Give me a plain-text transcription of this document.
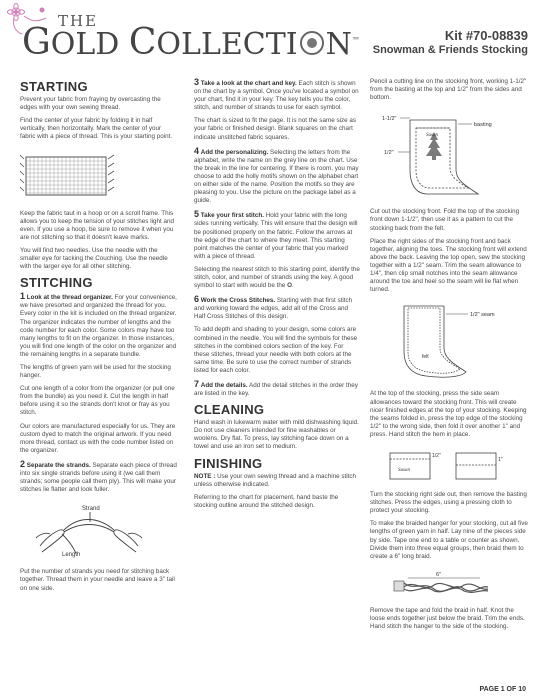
THE
GOLD COLLECTI N™	Kit #70-08839
Snowman & Friends Stocking
STARTING

Prevent your fabric from fraying by overcasting the edges with your own sewing thread.

Find the center of your fabric by folding it in half vertically, then horizontally. Mark the center of your fabric with a piece of thread. This is your starting point.

Keep the fabric taut in a hoop or on a scroll frame. This allows you to keep the tension of your stitches light and even. If you use a hoop, be sure to remove it when you are not stitching so that it doesn't leave marks.

You will find two needles. Use the needle with the smaller eye for tacking the Couching. Use the needle with the larger eye for all other stitching.

STITCHING

1 Look at the thread organizer. For your convenience, we have presorted and organized the thread for you. Every color in the kit is included on the thread organizer. The organizer indicates the number of lengths and the code number for each color. Some colors may have too many lengths to fit on the organizer. In those instances, you will find one length of the color on the organizer and the remaining lengths in a separate bundle.

The lengths of green yarn will be used for the stocking hanger.

Cut one length of a color from the organizer (or pull one from the bundle) as you need it. Cut the length in half before using it so the strands don't knot or fray as you stitch.

Our colors are manufactured especially for us. They are custom dyed to match the original artwork. If you need more thread, contact us with the code number listed on the organizer.

2 Separate the strands. Separate each piece of thread into six single strands before using it (we call them strands; some people call them ply). This will make your stitches lie flatter and look fuller.

Strand
Length

Put the number of strands you need for stitching back together. Thread them in your needle and leave a 3" tail on one side.

3 Take a look at the chart and key. Each stitch is shown on the chart by a symbol. Once you've located a symbol on your chart, find it in your key. The key tells you the color, stitch, and number of strands to use for each symbol.

The chart is sized to fit the page. It is not the same size as your fabric or finished design. Blank squares on the chart indicate unstitched fabric squares.

4 Add the personalizing. Selecting the letters from the alphabet, write the name on the grey line on the chart. Use the break in the line for centering. If there is room, you may choose to add the holly motifs shown on the alphabet chart on either side of the name. Position the motifs so they are pleasing to you. Use the picture on the package label as a guide.

5 Take your first stitch. Hold your fabric with the long sides running vertically. This will ensure that the design will be positioned properly on the fabric. Follow the arrows at the edge of the chart to where they meet. This starting point matches the center of your fabric that you marked with a piece of thread.

Selecting the nearest stitch to this starting point, identify the stitch, color, and number of strands using the key. A good symbol to start with would be the O.

6 Work the Cross Stitches. Starting with that first stitch and working toward the edges, add all of the Cross and Half Cross Stitches of this design.

To add depth and shading to your design, some colors are combined in the needle. You will find the symbols for these stitches in the combined colors section of the key. For these stitches, thread your needle with both colors at the same time. Be sure to use the correct number of strands listed for each color.

7 Add the details. Add the detail stitches in the order they are listed in the key.

CLEANING

Hand wash in lukewarm water with mild dishwashing liquid. Do not use cleaners intended for fine washables or woolens. Dry flat. To press, lay stitching face down on a towel and use an iron set to medium.

FINISHING

NOTE : Use your own sewing thread and a machine stitch unless otherwise indicated.

Referring to the chart for placement, hand baste the stocking outline around the stitched design.

Pencil a cutting line on the stocking front, working 1-1/2" from the basting at the top and 1/2" from the sides and bottom.

Susan
1-1/2"
basting
1/2"

Cut out the stocking front. Fold the top of the stocking front down 1-1/2", then use it as a pattern to cut the stocking back from the felt.

Place the right sides of the stocking front and back together, aligning the toes. The stocking front will extend above the back. Leaving the top open, sew the stocking together with a 1/2" seam. Trim the seam allowance to 1/4", then clip small notches into the seam allowance around the toe and heel so the seam will lie flat when turned.

felt
1/2" seam

At the top of the stocking, press the side seam allowances toward the stocking front. This will create nicer finished edges at the top of your stocking. Keeping the seams folded in, press the top edge of the stocking 1/2" to the wrong side, then fold it over another 1" and press. Hand stitch the hem in place.

Susan
1/2"
1"

Turn the stocking right side out, then remove the basting stitches. Press the edges, using a pressing cloth to protect your stocking.

To make the braided hanger for your stocking, cut all five lengths of green yarn in half. Lay nine of the pieces side by side. Tape one end to a table or counter as shown. Divide them into three equal groups, then braid them to create a 6" long braid.

6"

Remove the tape and fold the braid in half. Knot the loose ends together just below the braid. Trim the ends. Hand stitch the hanger to the side of the stocking.

PAGE 1 OF 10
